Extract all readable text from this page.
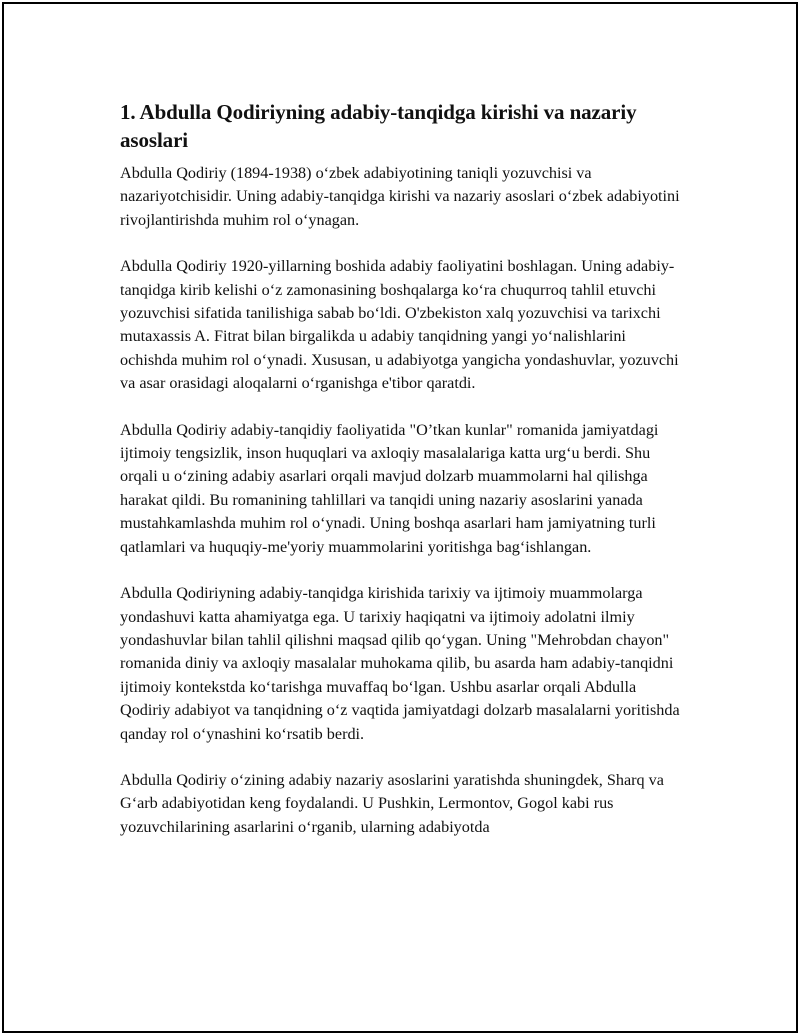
1. Abdulla Qodiriyning adabiy-tanqidga kirishi va nazariy asoslari

Abdulla Qodiriy (1894-1938) o‘zbek adabiyotining taniqli yozuvchisi va nazariyotchisidir. Uning adabiy-tanqidga kirishi va nazariy asoslari o‘zbek adabiyotini rivojlantirishda muhim rol o‘ynagan.

Abdulla Qodiriy 1920-yillarning boshida adabiy faoliyatini boshlagan. Uning adabiy-tanqidga kirib kelishi o‘z zamonasining boshqalarga ko‘ra chuqurroq tahlil etuvchi yozuvchisi sifatida tanilishiga sabab bo‘ldi. O'zbekiston xalq yozuvchisi va tarixchi mutaxassis A. Fitrat bilan birgalikda u adabiy tanqidning yangi yo‘nalishlarini ochishda muhim rol o‘ynadi. Xususan, u adabiyotga yangicha yondashuvlar, yozuvchi va asar orasidagi aloqalarni o‘rganishga e'tibor qaratdi.

Abdulla Qodiriy adabiy-tanqidiy faoliyatida "O’tkan kunlar" romanida jamiyatdagi ijtimoiy tengsizlik, inson huquqlari va axloqiy masalalariga katta urg‘u berdi. Shu orqali u o‘zining adabiy asarlari orqali mavjud dolzarb muammolarni hal qilishga harakat qildi. Bu romanining tahlillari va tanqidi uning nazariy asoslarini yanada mustahkamlashda muhim rol o‘ynadi. Uning boshqa asarlari ham jamiyatning turli qatlamlari va huquqiy-me'yoriy muammolarini yoritishga bag‘ishlangan.

Abdulla Qodiriyning adabiy-tanqidga kirishida tarixiy va ijtimoiy muammolarga yondashuvi katta ahamiyatga ega. U tarixiy haqiqatni va ijtimoiy adolatni ilmiy yondashuvlar bilan tahlil qilishni maqsad qilib qo‘ygan. Uning "Mehrobdan chayon" romanida diniy va axloqiy masalalar muhokama qilib, bu asarda ham adabiy-tanqidni ijtimoiy kontekstda ko‘tarishga muvaffaq bo‘lgan. Ushbu asarlar orqali Abdulla Qodiriy adabiyot va tanqidning o‘z vaqtida jamiyatdagi dolzarb masalalarni yoritishda qanday rol o‘ynashini ko‘rsatib berdi.

Abdulla Qodiriy o‘zining adabiy nazariy asoslarini yaratishda shuningdek, Sharq va G‘arb adabiyotidan keng foydalandi. U Pushkin, Lermontov, Gogol kabi rus yozuvchilarining asarlarini o‘rganib, ularning adabiyotda
